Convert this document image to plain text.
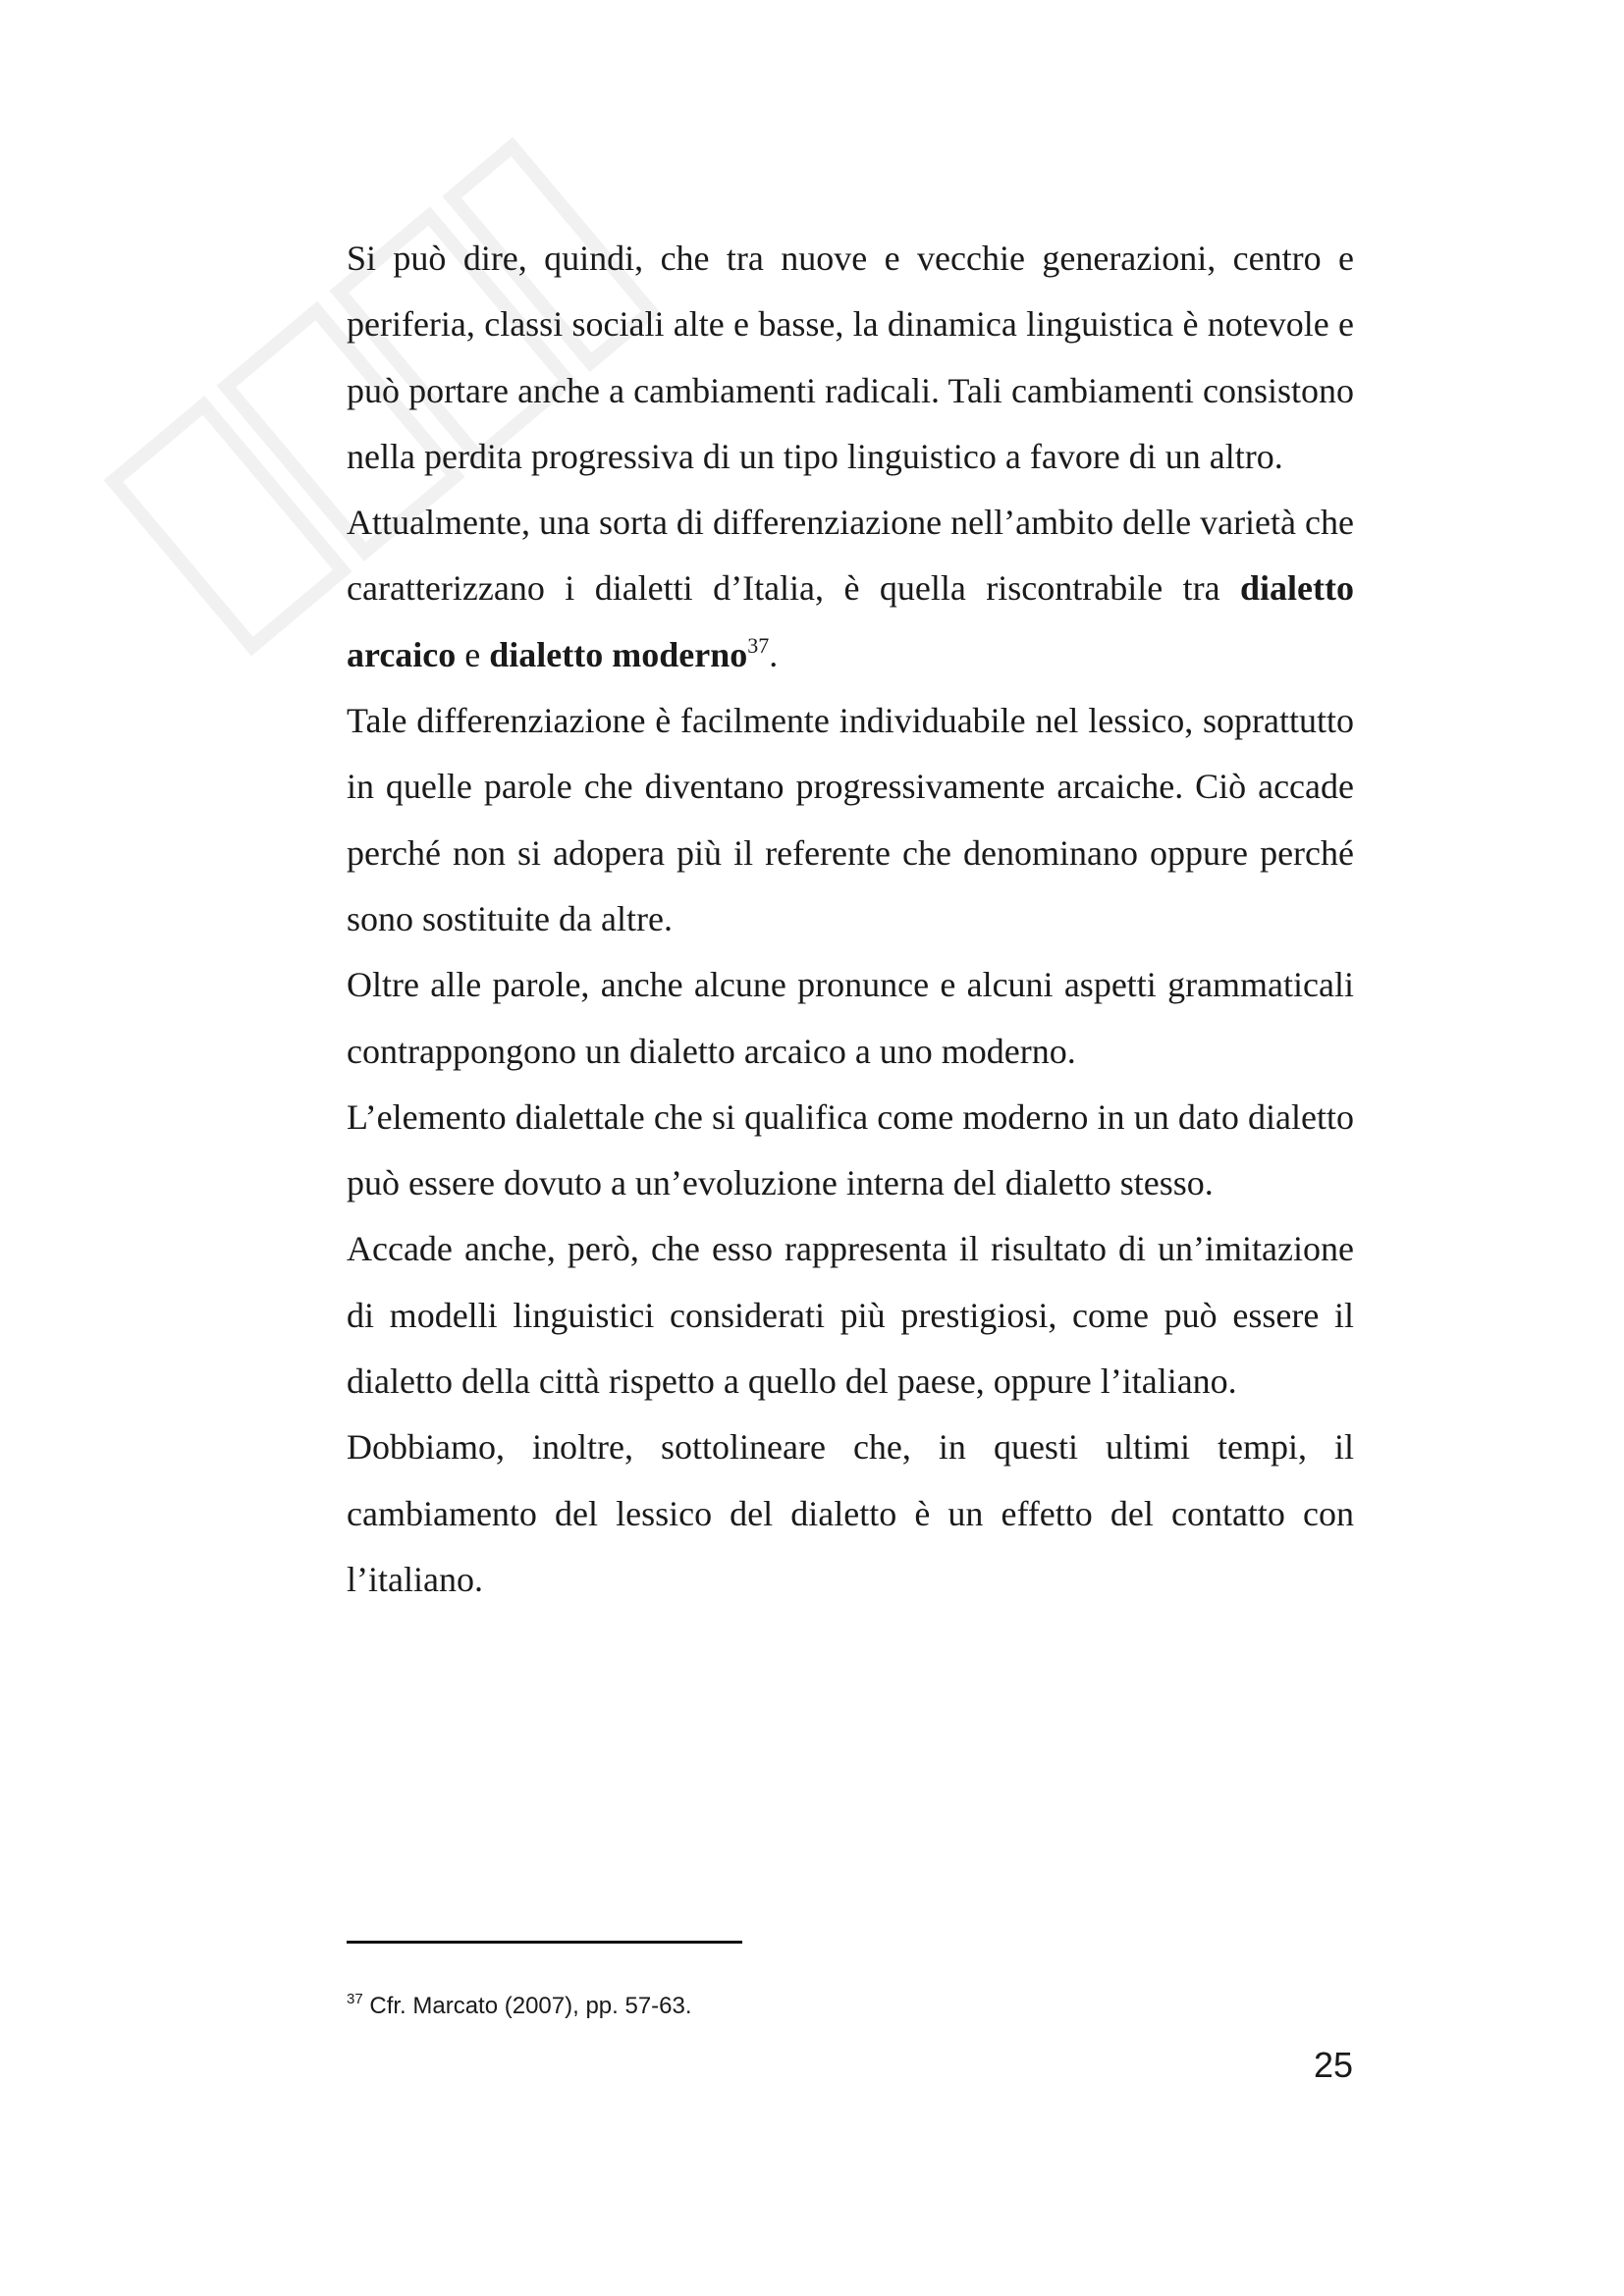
Si può dire, quindi, che tra nuove e vecchie generazioni, centro e periferia, classi sociali alte e basse, la dinamica linguistica è notevole e può portare anche a cambiamenti radicali. Tali cambiamenti consistono nella perdita progressiva di un tipo linguistico a favore di un altro.

Attualmente, una sorta di differenziazione nell’ambito delle varietà che caratterizzano i dialetti d’Italia, è quella riscontrabile tra dialetto arcaico e dialetto moderno$^{37}$.

Tale differenziazione è facilmente individuabile nel lessico, soprattutto in quelle parole che diventano progressivamente arcaiche. Ciò accade perché non si adopera più il referente che denominano oppure perché sono sostituite da altre.

Oltre alle parole, anche alcune pronunce e alcuni aspetti grammaticali contrappongono un dialetto arcaico a uno moderno.

L’elemento dialettale che si qualifica come moderno in un dato dialetto può essere dovuto a un’evoluzione interna del dialetto stesso.

Accade anche, però, che esso rappresenta il risultato di un’imitazione di modelli linguistici considerati più prestigiosi, come può essere il dialetto della città rispetto a quello del paese, oppure l’italiano.

Dobbiamo, inoltre, sottolineare che, in questi ultimi tempi, il cambiamento del lessico del dialetto è un effetto del contatto con l’italiano.

$^{37}$ Cfr. Marcato (2007), pp. 57-63.
25
